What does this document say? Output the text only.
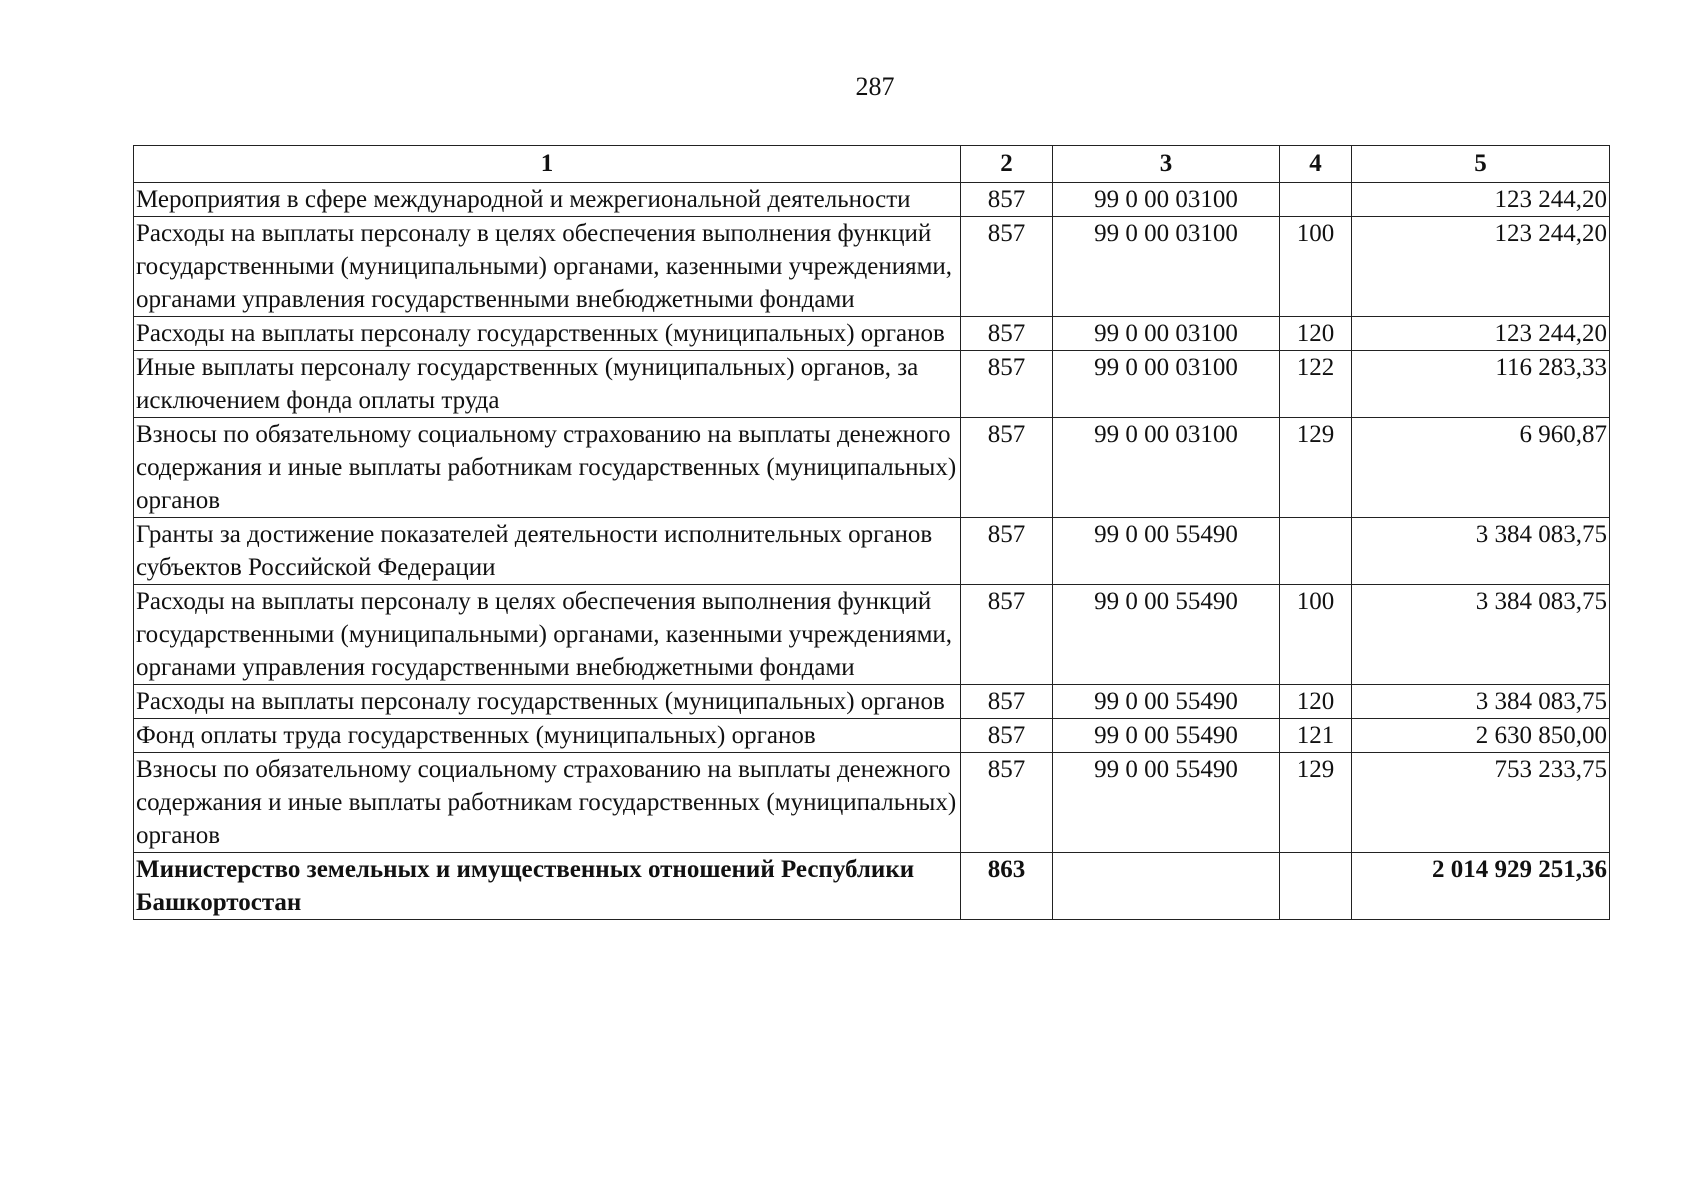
287
1	2	3	4	5
Мероприятия в сфере международной и межрегиональной деятельности	857	99 0 00 03100		123 244,20
Расходы на выплаты персоналу в целях обеспечения выполнения функций государственными (муниципальными) органами, казенными учреждениями, органами управления государственными внебюджетными фондами	857	99 0 00 03100	100	123 244,20
Расходы на выплаты персоналу государственных (муниципальных) органов	857	99 0 00 03100	120	123 244,20
Иные выплаты персоналу государственных (муниципальных) органов, за исключением фонда оплаты труда	857	99 0 00 03100	122	116 283,33
Взносы по обязательному социальному страхованию на выплаты денежного содержания и иные выплаты работникам государственных (муниципальных) органов	857	99 0 00 03100	129	6 960,87
Гранты за достижение показателей деятельности исполнительных органов субъектов Российской Федерации	857	99 0 00 55490		3 384 083,75
Расходы на выплаты персоналу в целях обеспечения выполнения функций государственными (муниципальными) органами, казенными учреждениями, органами управления государственными внебюджетными фондами	857	99 0 00 55490	100	3 384 083,75
Расходы на выплаты персоналу государственных (муниципальных) органов	857	99 0 00 55490	120	3 384 083,75
Фонд оплаты труда государственных (муниципальных) органов	857	99 0 00 55490	121	2 630 850,00
Взносы по обязательному социальному страхованию на выплаты денежного содержания и иные выплаты работникам государственных (муниципальных) органов	857	99 0 00 55490	129	753 233,75
Министерство земельных и имущественных отношений Республики Башкортостан	863			2 014 929 251,36
